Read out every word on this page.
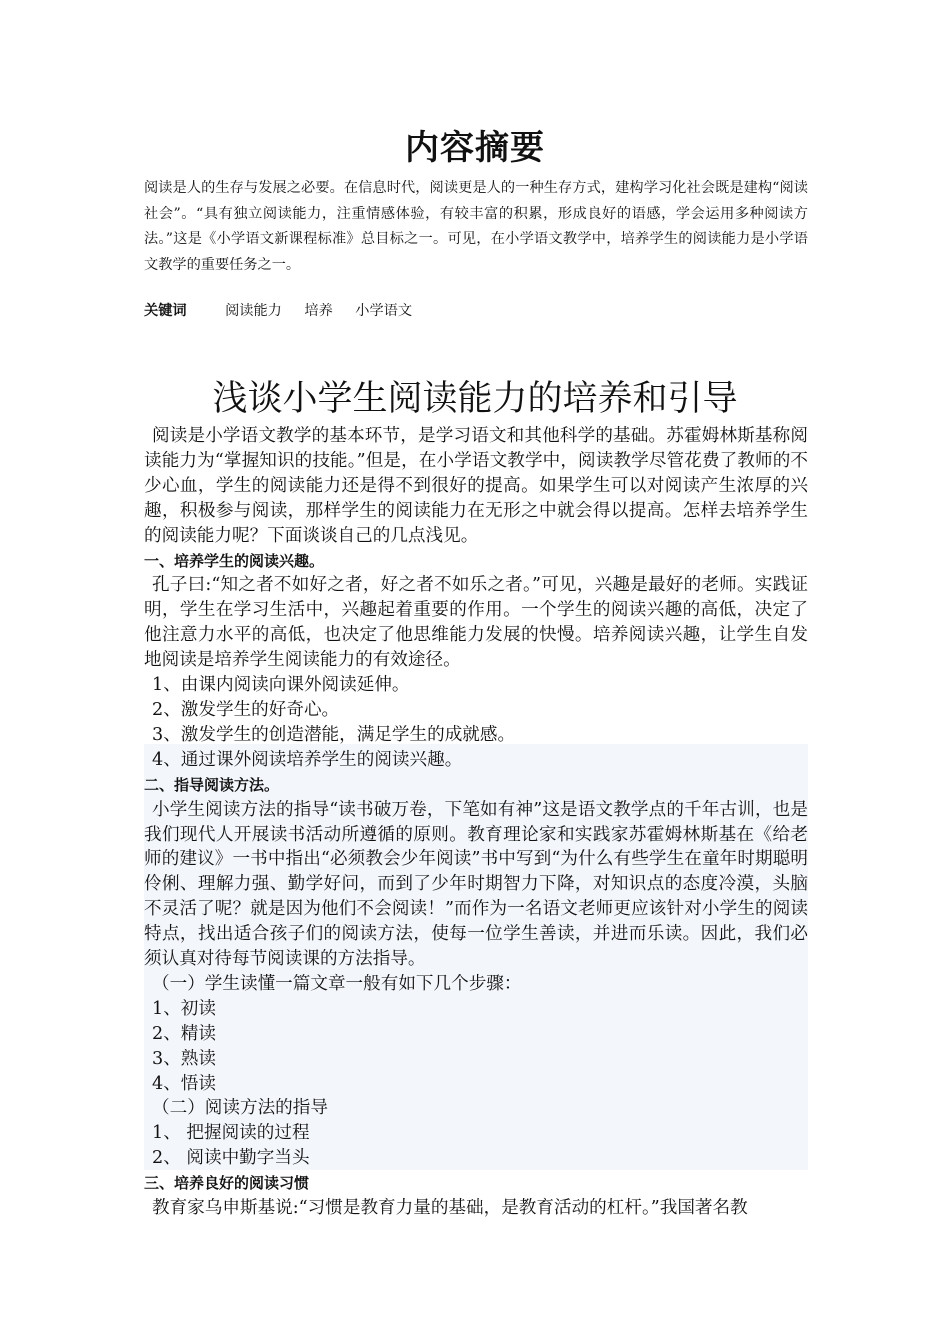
内容摘要
阅读是人的生存与发展之必要。在信息时代，阅读更是人的一种生存方式，建构学习化社会既是建构“阅读社会”。“具有独立阅读能力，注重情感体验，有较丰富的积累，形成良好的语感，学会运用多种阅读方法。”这是《小学语文新课程标准》总目标之一。可见，在小学语文教学中，培养学生的阅读能力是小学语文教学的重要任务之一。
关键词	阅读能力 培养 小学语文
浅谈小学生阅读能力的培养和引导

阅读是小学语文教学的基本环节，是学习语文和其他科学的基础。苏霍姆林斯基称阅读能力为“掌握知识的技能。”但是，在小学语文教学中，阅读教学尽管花费了教师的不少心血，学生的阅读能力还是得不到很好的提高。如果学生可以对阅读产生浓厚的兴趣，积极参与阅读，那样学生的阅读能力在无形之中就会得以提高。怎样去培养学生的阅读能力呢？下面谈谈自己的几点浅见。

一、培养学生的阅读兴趣。

孔子曰:“知之者不如好之者，好之者不如乐之者。”可见，兴趣是最好的老师。实践证明，学生在学习生活中，兴趣起着重要的作用。一个学生的阅读兴趣的高低，决定了他注意力水平的高低，也决定了他思维能力发展的快慢。培养阅读兴趣，让学生自发地阅读是培养学生阅读能力的有效途径。

1、由课内阅读向课外阅读延伸。

2、激发学生的好奇心。

3、激发学生的创造潜能，满足学生的成就感。

4、通过课外阅读培养学生的阅读兴趣。

二、指导阅读方法。

小学生阅读方法的指导“读书破万卷，下笔如有神”这是语文教学点的千年古训，也是我们现代人开展读书活动所遵循的原则。教育理论家和实践家苏霍姆林斯基在《给老师的建议》一书中指出“必须教会少年阅读”书中写到“为什么有些学生在童年时期聪明伶俐、理解力强、勤学好问，而到了少年时期智力下降，对知识点的态度冷漠，头脑不灵活了呢？就是因为他们不会阅读！”而作为一名语文老师更应该针对小学生的阅读特点，找出适合孩子们的阅读方法，使每一位学生善读，并进而乐读。因此，我们必须认真对待每节阅读课的方法指导。

（一）学生读懂一篇文章一般有如下几个步骤：

1、初读

2、精读

3、熟读

4、悟读

（二）阅读方法的指导

1、 把握阅读的过程

2、 阅读中勤字当头

三、培养良好的阅读习惯

教育家乌申斯基说:“习惯是教育力量的基础，是教育活动的杠杆。”我国著名教
